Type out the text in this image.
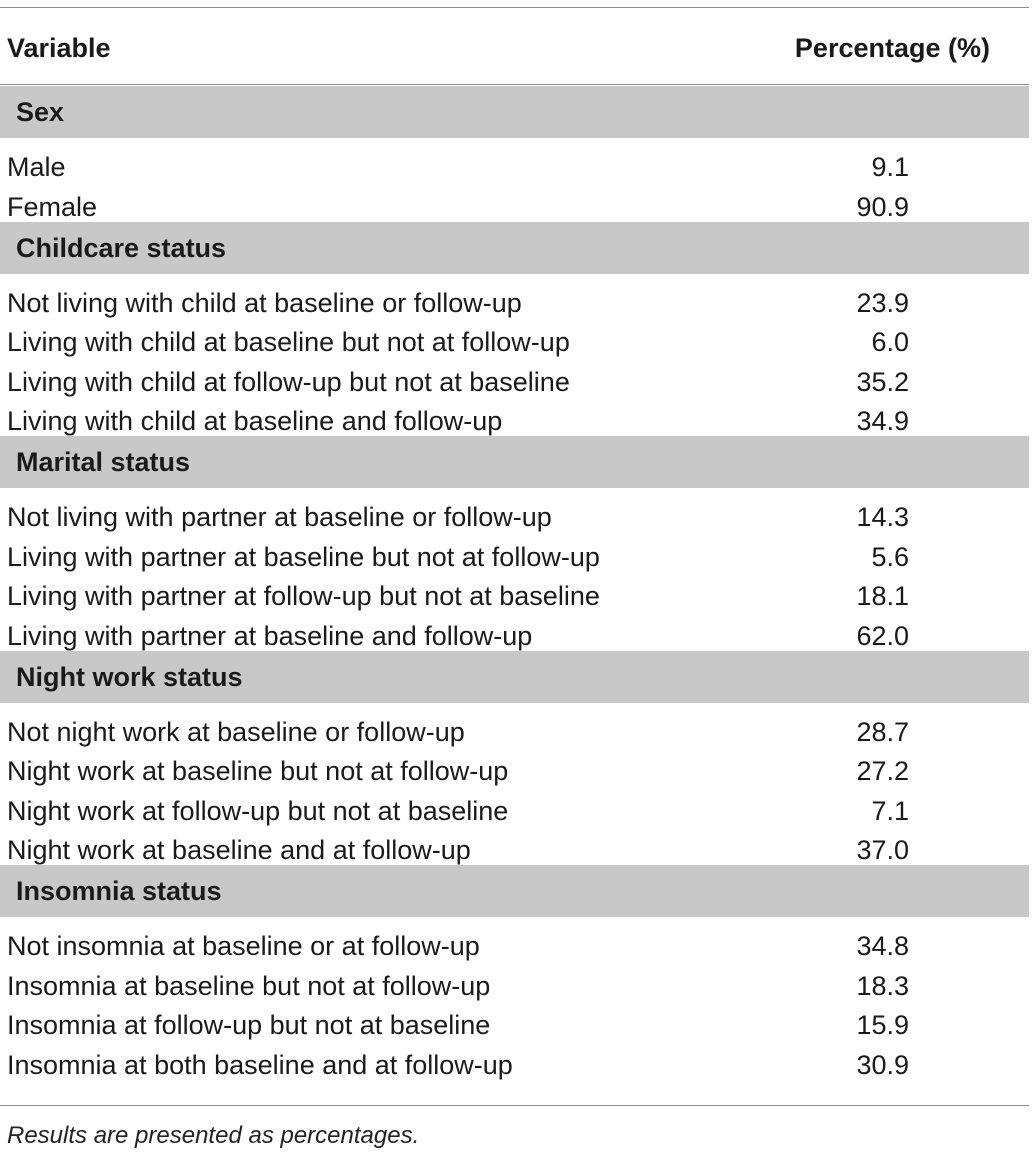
Variable	Percentage (%)
Sex
Male	9.1
Female	90.9
Childcare status
Not living with child at baseline or follow-up	23.9
Living with child at baseline but not at follow-up	6.0
Living with child at follow-up but not at baseline	35.2
Living with child at baseline and follow-up	34.9
Marital status
Not living with partner at baseline or follow-up	14.3
Living with partner at baseline but not at follow-up	5.6
Living with partner at follow-up but not at baseline	18.1
Living with partner at baseline and follow-up	62.0
Night work status
Not night work at baseline or follow-up	28.7
Night work at baseline but not at follow-up	27.2
Night work at follow-up but not at baseline	7.1
Night work at baseline and at follow-up	37.0
Insomnia status
Not insomnia at baseline or at follow-up	34.8
Insomnia at baseline but not at follow-up	18.3
Insomnia at follow-up but not at baseline	15.9
Insomnia at both baseline and at follow-up	30.9
Results are presented as percentages.
